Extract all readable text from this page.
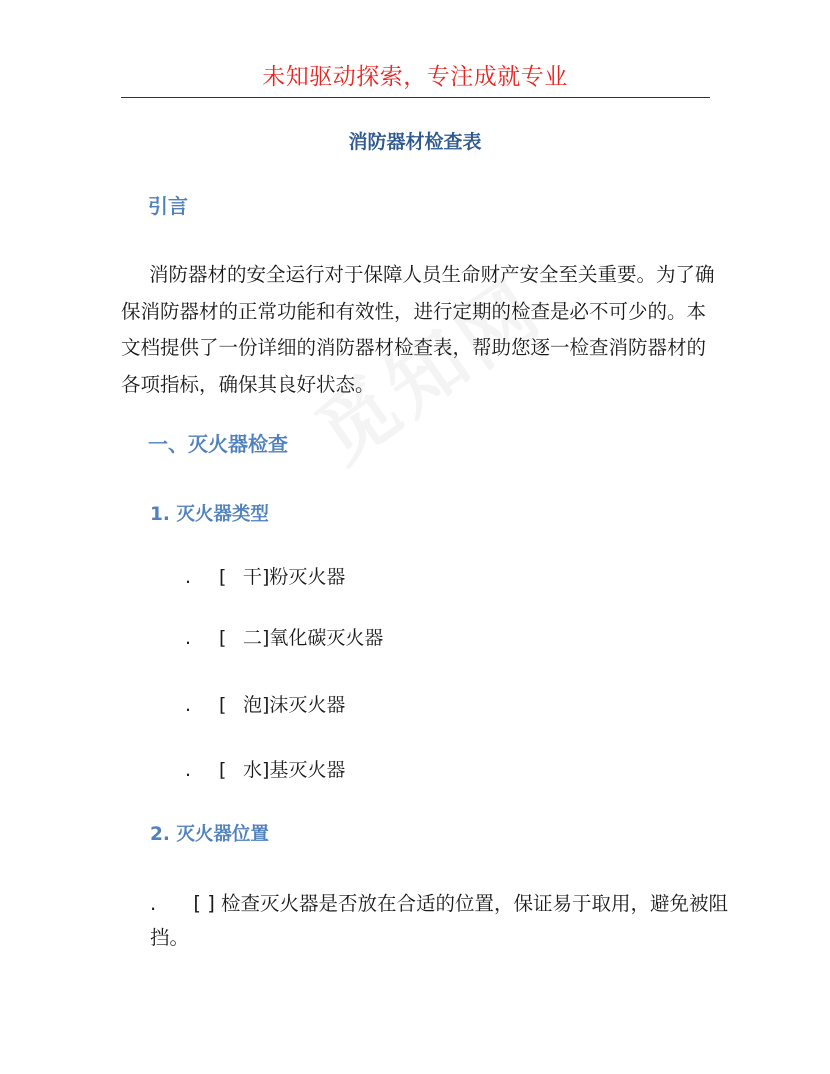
未知驱动探索，专注成就专业
消防器材检查表
引言
消防器材的安全运行对于保障人员生命财产安全至关重要。为了确保消防器材的正常功能和有效性，进行定期的检查是必不可少的。本文档提供了一份详细的消防器材检查表，帮助您逐一检查消防器材的各项指标，确保其良好状态。
一、灭火器检查
1. 灭火器类型
. [ 干]粉灭火器
. [ 二]氧化碳灭火器
. [ 泡]沫灭火器
. [ 水]基灭火器
2. 灭火器位置
. [ ] 检查灭火器是否放在合适的位置，保证易于取用，避免被阻挡。
